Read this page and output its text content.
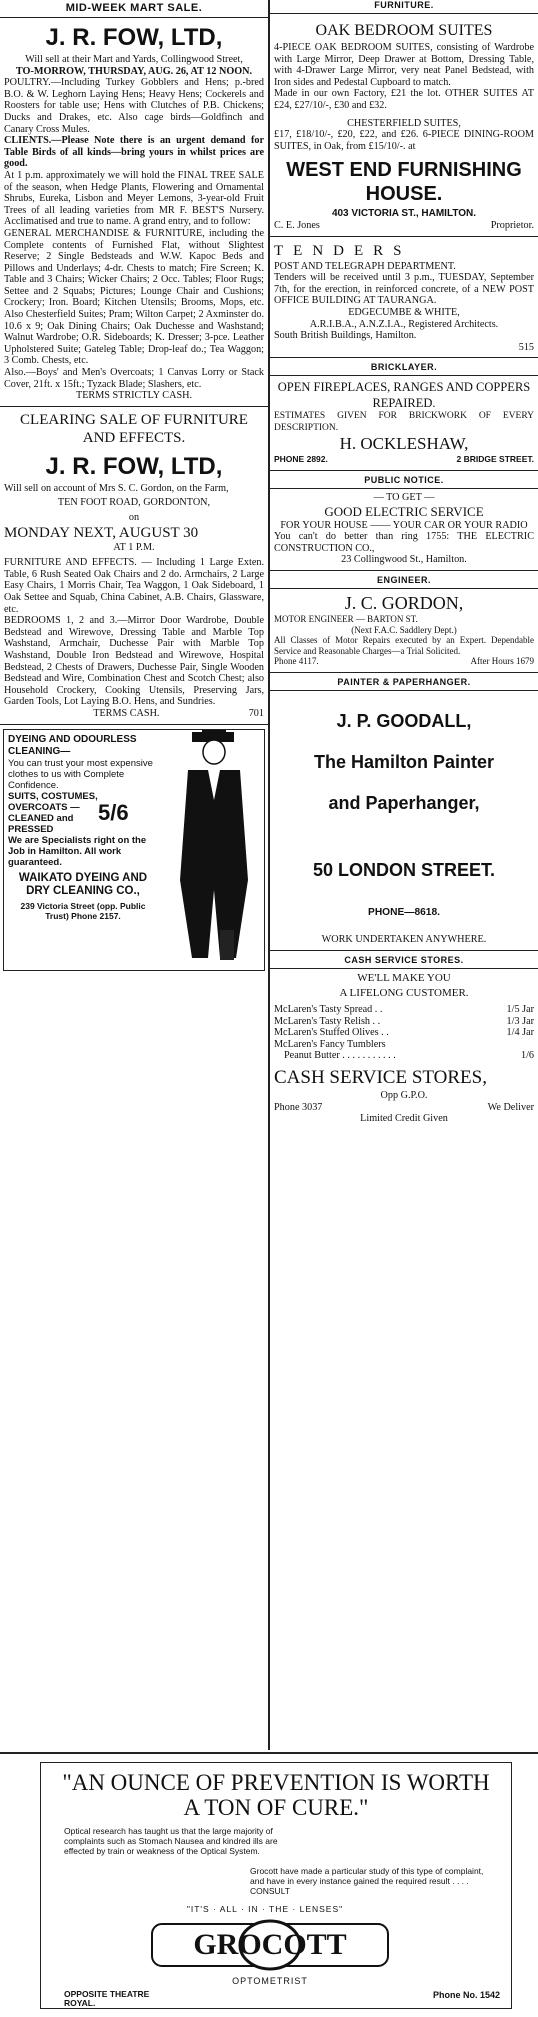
MID-WEEK MART SALE.
J. R. FOW, LTD,

Will sell at their Mart and Yards, Collingwood Street,

TO-MORROW, THURSDAY, AUG. 26, AT 12 NOON.

POULTRY.—Including Turkey Gobblers and Hens; p.-bred B.O. & W. Leghorn Laying Hens; Heavy Hens; Cockerels and Roosters for table use; Hens with Clutches of P.B. Chickens; Ducks and Drakes, etc. Also cage birds—Goldfinch and Canary Cross Mules.

CLIENTS.—Please Note there is an urgent demand for Table Birds of all kinds—bring yours in whilst prices are good.

At 1 p.m. approximately we will hold the FINAL TREE SALE of the season, when Hedge Plants, Flowering and Ornamental Shrubs, Eureka, Lisbon and Meyer Lemons, 3-year-old Fruit Trees of all leading varieties from MR F. BEST'S Nursery. Acclimatised and true to name. A grand entry, and to follow:

GENERAL MERCHANDISE & FURNITURE, including the Complete contents of Furnished Flat, without Slightest Reserve; 2 Single Bedsteads and W.W. Kapoc Beds and Pillows and Underlays; 4-dr. Chests to match; Fire Screen; K. Table and 3 Chairs; Wicker Chairs; 2 Occ. Tables; Floor Rugs; Settee and 2 Squabs; Pictures; Lounge Chair and Cushions; Crockery; Iron. Board; Kitchen Utensils; Brooms, Mops, etc. Also Chesterfield Suites; Pram; Wilton Carpet; 2 Axminster do. 10.6 x 9; Oak Dining Chairs; Oak Duchesse and Washstand; Walnut Wardrobe; O.R. Sideboards; K. Dresser; 3-pce. Leather Upholstered Suite; Gateleg Table; Drop-leaf do.; Tea Waggon; 3 Comb. Chests, etc.

Also.—Boys' and Men's Overcoats; 1 Canvas Lorry or Stack Cover, 21ft. x 15ft.; Tyzack Blade; Slashers, etc.

TERMS STRICTLY CASH.

CLEARING SALE OF FURNITURE AND EFFECTS.
J. R. FOW, LTD,

Will sell on account of Mrs S. C. Gordon, on the Farm,

TEN FOOT ROAD, GORDONTON,

on

MONDAY NEXT, AUGUST 30

AT 1 P.M.

FURNITURE AND EFFECTS. — Including 1 Large Exten. Table, 6 Rush Seated Oak Chairs and 2 do. Armchairs, 2 Large Easy Chairs, 1 Morris Chair, Tea Waggon, 1 Oak Sideboard, 1 Oak Settee and Squab, China Cabinet, A.B. Chairs, Glassware, etc.

BEDROOMS 1, 2 and 3.—Mirror Door Wardrobe, Double Bedstead and Wirewove, Dressing Table and Marble Top Washstand, Armchair, Duchesse Pair with Marble Top Washstand, Double Iron Bedstead and Wirewove, Hospital Bedstead, 2 Chests of Drawers, Duchesse Pair, Single Wooden Bedstead and Wire, Combination Chest and Scotch Chest; also Household Crockery, Cooking Utensils, Preserving Jars, Garden Tools, Lot Laying B.O. Hens, and Sundries.

TERMS CASH.	701
DYEING AND ODOURLESS CLEANING—
You can trust your most expensive clothes to us with Complete Confidence.
SUITS, COSTUMES, OVERCOATS — CLEANED and PRESSED
5/6
We are Specialists right on the Job in Hamilton. All work guaranteed.
WAIKATO DYEING AND DRY CLEANING CO.,
239 Victoria Street (opp. Public Trust) Phone 2157.
FURNITURE.
OAK BEDROOM SUITES

4-PIECE OAK BEDROOM SUITES, consisting of Wardrobe with Large Mirror, Deep Drawer at Bottom, Dressing Table, with 4-Drawer Large Mirror, very neat Panel Bedstead, with Iron sides and Pedestal Cupboard to match.

Made in our own Factory, £21 the lot. OTHER SUITES AT £24, £27/10/-, £30 and £32.

CHESTERFIELD SUITES,

£17, £18/10/-, £20, £22, and £26. 6-PIECE DINING-ROOM SUITES, in Oak, from £15/10/-. at

WEST END FURNISHING HOUSE.

403 VICTORIA ST., HAMILTON.

C. E. Jones	Proprietor.
TENDERS

POST AND TELEGRAPH DEPARTMENT.

Tenders will be received until 3 p.m., TUESDAY, September 7th, for the erection, in reinforced concrete, of a NEW POST OFFICE BUILDING AT TAURANGA.

EDGECUMBE & WHITE,

A.R.I.B.A., A.N.Z.I.A., Registered Architects.

South British Buildings, Hamilton.

515

BRICKLAYER.
OPEN FIREPLACES, RANGES AND COPPERS REPAIRED.

ESTIMATES GIVEN FOR BRICKWORK OF EVERY DESCRIPTION.

H. OCKLESHAW,
PHONE 2892.	2 BRIDGE STREET.
PUBLIC NOTICE.

— TO GET —

GOOD ELECTRIC SERVICE

FOR YOUR HOUSE —— YOUR CAR OR YOUR RADIO

You can't do better than ring 1755: THE ELECTRIC CONSTRUCTION CO.,

23 Collingwood St., Hamilton.

ENGINEER.
J. C. GORDON,

MOTOR ENGINEER — BARTON ST.

(Next F.A.C. Saddlery Dept.)

All Classes of Motor Repairs executed by an Expert. Dependable Service and Reasonable Charges—a Trial Solicited.

Phone 4117.	After Hours 1679
PAINTER & PAPERHANGER.
J. P. GOODALL,
The Hamilton Painter
and Paperhanger,
50 LONDON STREET.

PHONE—8618.

WORK UNDERTAKEN ANYWHERE.

CASH SERVICE STORES.

WE'LL MAKE YOU

A LIFELONG CUSTOMER.

McLaren's Tasty Spread . .	1/5 Jar
McLaren's Tasty Relish . .	1/3 Jar
McLaren's Stuffed Olives . .	1/4 Jar
McLaren's Fancy Tumblers
Peanut Butter . . . . . . . . . . .	1/6
CASH SERVICE STORES,

Opp G.P.O.

Phone 3037	We Deliver

Limited Credit Given

"AN OUNCE OF PREVENTION IS WORTH A TON OF CURE."
Optical research has taught us that the large majority of complaints such as Stomach Nausea and kindred ills are effected by train or weakness of the Optical System.
Grocott have made a particular study of this type of complaint, and have in every instance gained the required result . . . . CONSULT
"IT'S · ALL · IN · THE · LENSES"
GROCOTT
OPTOMETRIST
OPPOSITE THEATRE ROYAL.
Phone No. 1542
